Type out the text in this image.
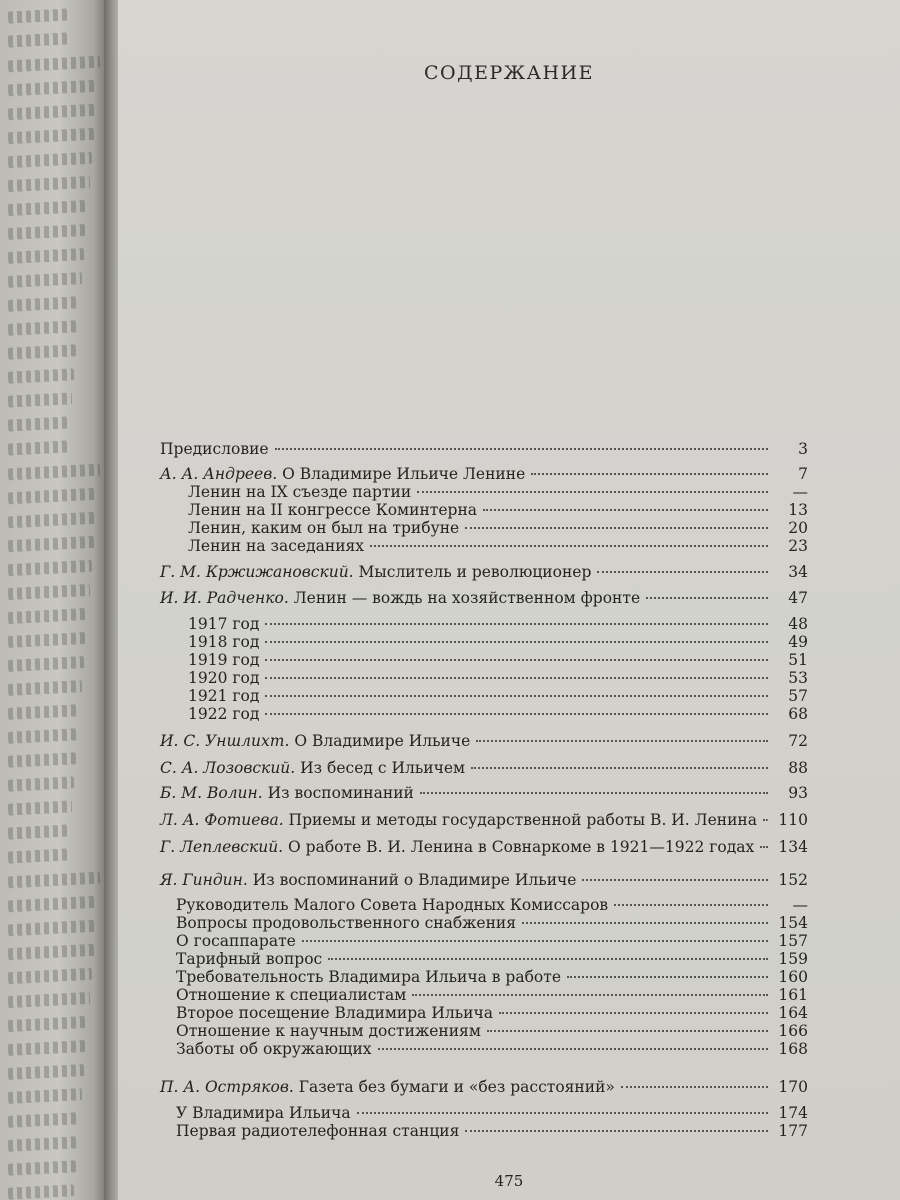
СОДЕРЖАНИЕ
Предисловие	3
А. А. Андреев. О Владимире Ильиче Ленине	7
Ленин на IX съезде партии	—
Ленин на II конгрессе Коминтерна	13
Ленин, каким он был на трибуне	20
Ленин на заседаниях	23
Г. М. Кржижановский. Мыслитель и революционер	34
И. И. Радченко. Ленин — вождь на хозяйственном фронте	47
1917 год	48
1918 год	49
1919 год	51
1920 год	53
1921 год	57
1922 год	68
И. С. Уншлихт. О Владимире Ильиче	72
С. А. Лозовский. Из бесед с Ильичем	88
Б. М. Волин. Из воспоминаний	93
Л. А. Фотиева. Приемы и методы государственной работы В. И. Ленина 110
Г. Леплевский. О работе В. И. Ленина в Совнаркоме в 1921—1922 годах 134
Я. Гиндин. Из воспоминаний о Владимире Ильиче	152
Руководитель Малого Совета Народных Комиссаров	—
Вопросы продовольственного снабжения	154
О госаппарате	157
Тарифный вопрос	159
Требовательность Владимира Ильича в работе	160
Отношение к специалистам	161
Второе посещение Владимира Ильича	164
Отношение к научным достижениям	166
Заботы об окружающих	168
П. А. Остряков. Газета без бумаги и «без расстояний»	170
У Владимира Ильича	174
Первая радиотелефонная станция	177
475
